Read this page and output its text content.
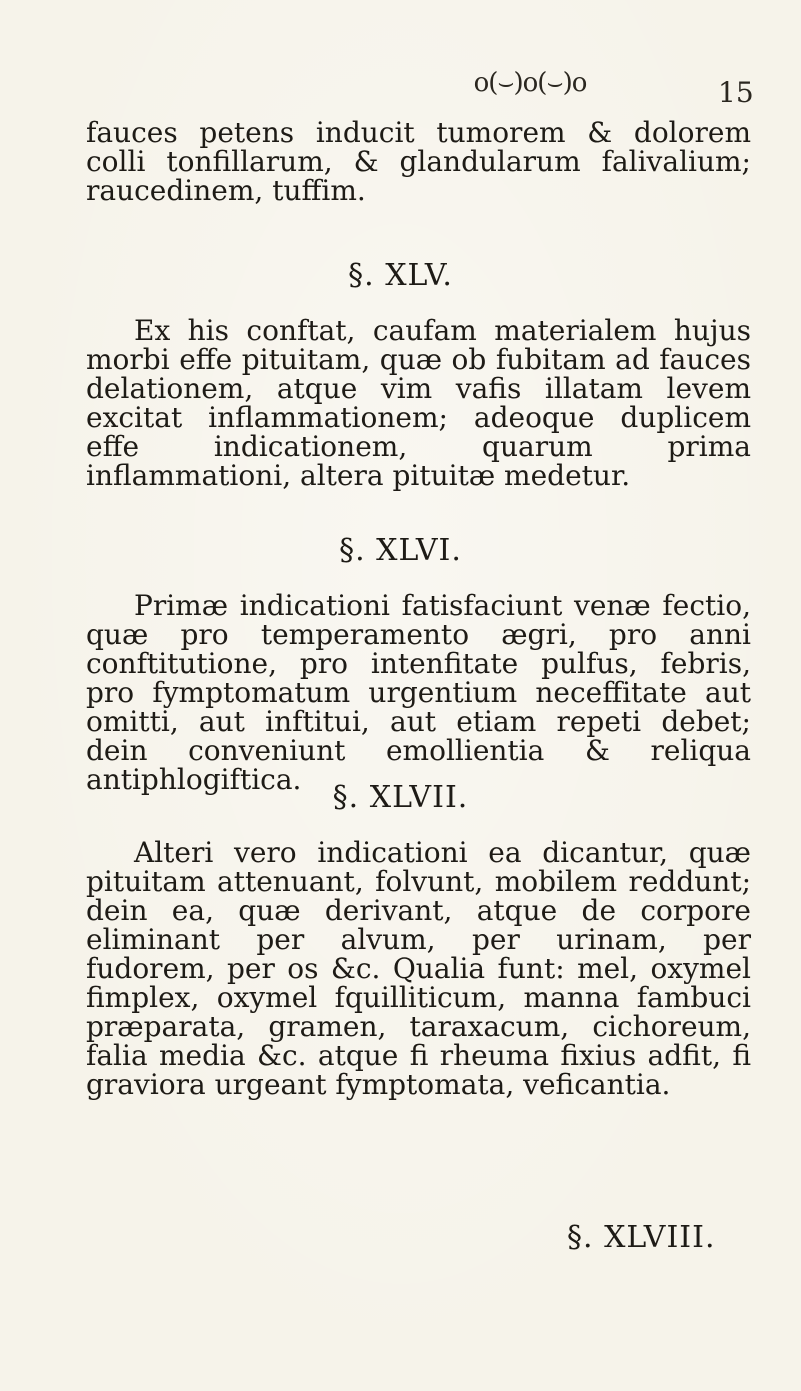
o(⌣)o(⌣)o	15

fauces petens inducit tumorem & dolorem colli tonfillarum, & glandularum falivalium; raucedinem, tuffim.

§. XLV.

Ex his conftat, caufam materialem hujus morbi effe pituitam, quæ ob fubitam ad fauces delationem, atque vim vafis illatam levem excitat inflammationem; adeoque duplicem effe indicationem, quarum prima inflammationi, altera pituitæ medetur.

§. XLVI.

Primæ indicationi fatisfaciunt venæ fectio, quæ pro temperamento ægri, pro anni conftitutione, pro intenfitate pulfus, febris, pro fymptomatum urgentium neceffitate aut omitti, aut inftitui, aut etiam repeti debet; dein conveniunt emollientia & reliqua antiphlogiftica.

§. XLVII.

Alteri vero indicationi ea dicantur, quæ pituitam attenuant, folvunt, mobilem reddunt; dein ea, quæ derivant, atque de corpore eliminant per alvum, per urinam, per fudorem, per os &c. Qualia funt: mel, oxymel fimplex, oxymel fquilliticum, manna fambuci præparata, gramen, taraxacum, cichoreum, falia media &c. atque fi rheuma fixius adfit, fi graviora urgeant fymptomata, veficantia.

§. XLVIII.
